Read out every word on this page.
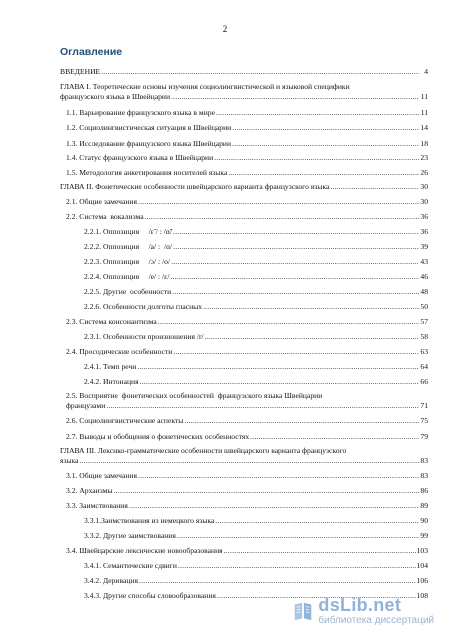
2
Оглавление
ВВЕДЕНИЕ .....	4
ГЛАВА I. Теоретические основы изучения социолингвистической и языковой специфики
французского языка в Швейцарии .....	11
1.1. Варьирование французского языка в мире .....	11
1.2. Социолингвистическая ситуация в Швейцарии .....	14
1.3. Исследование французского языка Швейцарии .....	18
1.4. Статус французского языка в Швейцарии .....	23
1.5. Методология анкетирования носителей языка .....	26
ГЛАВА II. Фонетические особенности швейцарского варианта французского языка .....	30
2.1. Общие замечания .....	30
2.2. Система  вокализма .....	36
2.2.1. Оппозиция     /ɛ̃ / : /ɑ̃/ .....	36
2.2.2. Оппозиция     /a/ :  /ɑ/ .....	39
2.2.3. Оппозиция     /ɔ/ : /o/ .....	43
2.2.4. Оппозиция     /e/ : /ɛ/ .....	46
2.2.5. Другие  особенности .....	48
2.2.6. Особенности долготы гласных .....	50
2.3. Система консонантизма .....	57
2.3.1. Особенности произношения /r/ .....	58
2.4. Просодические особенности .....	63
2.4.1. Темп речи .....	64
2.4.2. Интонация .....	66
2.5. Восприятие  фонетических особенностей  французского языка Швейцарии
французами .....	71
2.6. Социолингвистические аспекты .....	75
2.7. Выводы и обобщения о фонетических особенностях .....	79
ГЛАВА III. Лексико-грамматические особенности швейцарского варианта французского
языка .....	83
3.1. Общие замечания .....	83
3.2. Архаизмы .....	86
3.3. Заимствования .....	89
3.3.1.Заимствования из немецкого языка .....	90
3.3.2. Другие заимствования .....	99
3.4. Швейцарские лексические новообразования .....	103
3.4.1. Семантические сдвиги .....	104
3.4.2. Деривация .....	106
3.4.3. Другие способы словообразования .....	108
dsLib.net
библиотека диссертаций
